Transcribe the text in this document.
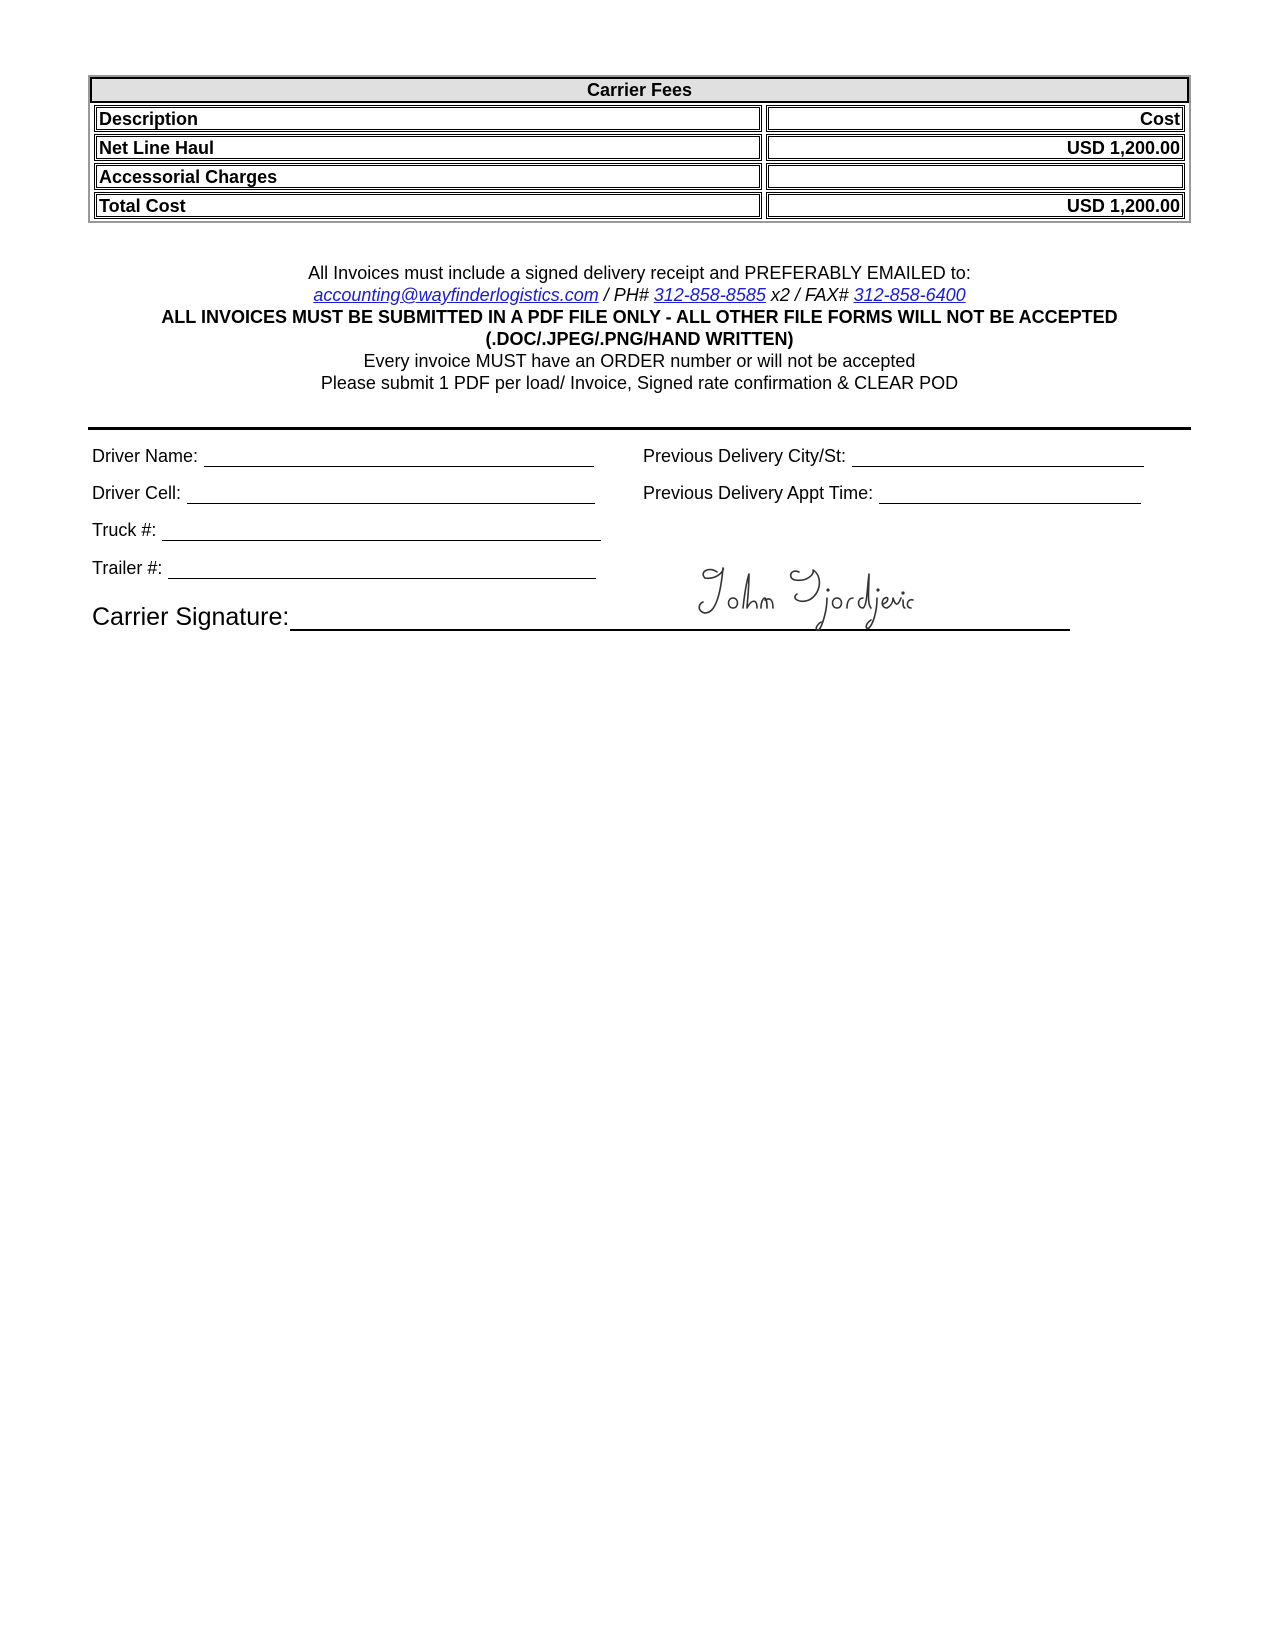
Carrier Fees
Description	Cost
Net Line Haul	USD 1,200.00
Accessorial Charges
Total Cost	USD 1,200.00
All Invoices must include a signed delivery receipt and PREFERABLY EMAILED to:
accounting@wayfinderlogistics.com / PH# 312-858-8585 x2 / FAX# 312-858-6400
ALL INVOICES MUST BE SUBMITTED IN A PDF FILE ONLY - ALL OTHER FILE FORMS WILL NOT BE ACCEPTED (.DOC/.JPEG/.PNG/HAND WRITTEN)
Every invoice MUST have an ORDER number or will not be accepted
Please submit 1 PDF per load/ Invoice, Signed rate confirmation & CLEAR POD
Driver Name:
Driver Cell:
Truck #:
Trailer #:
Previous Delivery City/St:
Previous Delivery Appt Time:
Carrier Signature:
